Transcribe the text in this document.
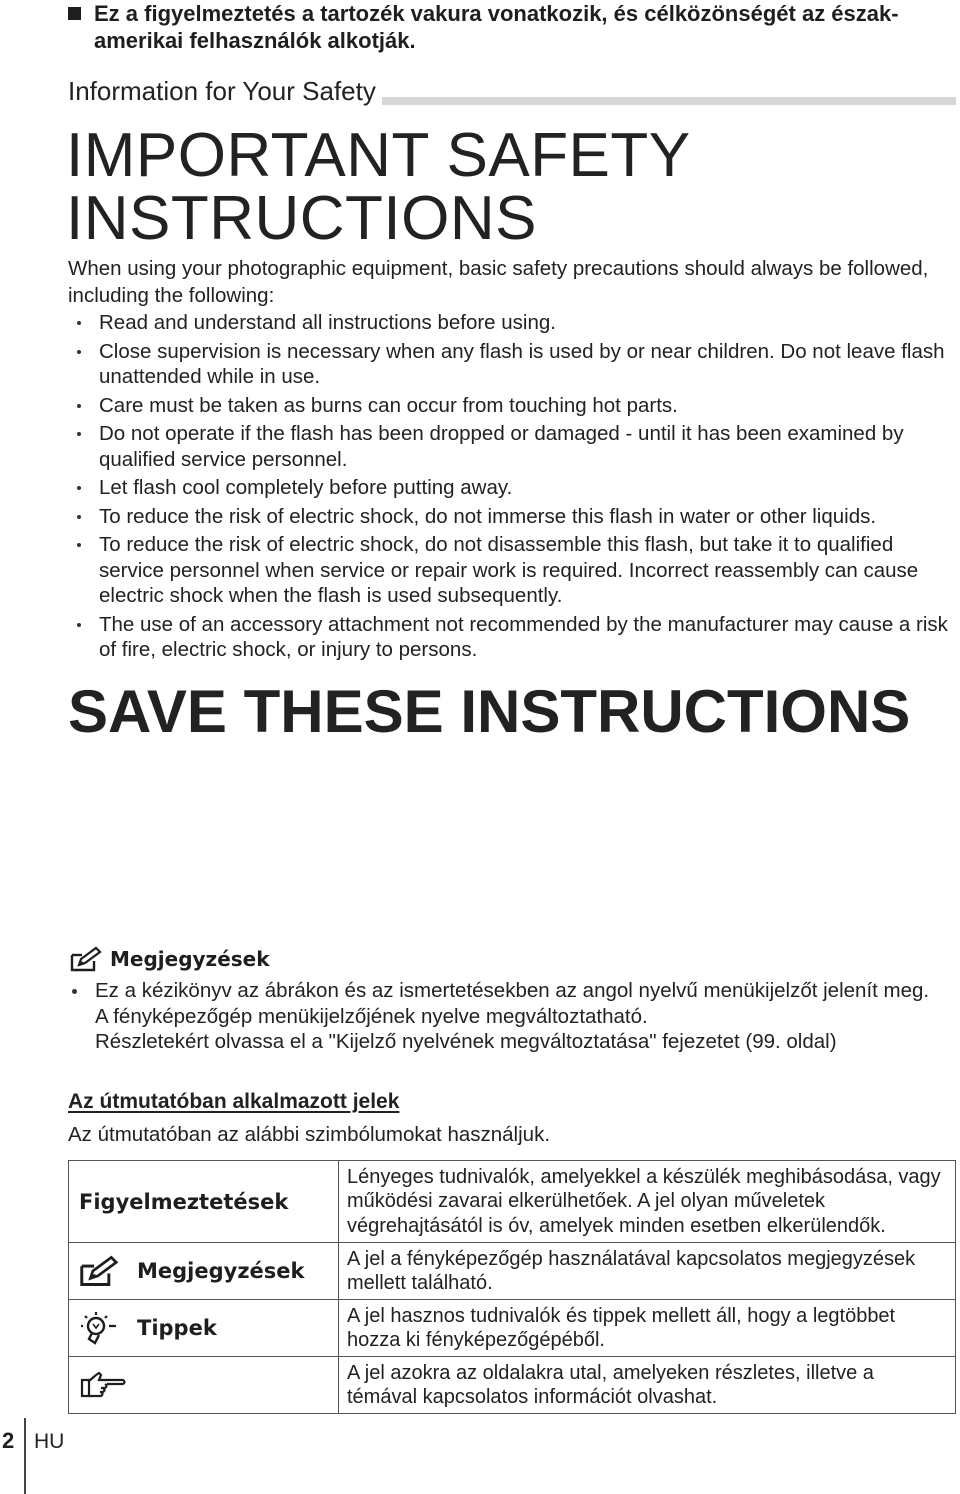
Ez a figyelmeztetés a tartozék vakura vonatkozik, és célközönségét az észak-amerikai felhasználók alkotják.
Information for Your Safety
IMPORTANT SAFETY
INSTRUCTIONS
When using your photographic equipment, basic safety precautions should always be followed, including the following:
Read and understand all instructions before using.
Close supervision is necessary when any flash is used by or near children. Do not leave flash unattended while in use.
Care must be taken as burns can occur from touching hot parts.
Do not operate if the flash has been dropped or damaged - until it has been examined by qualified service personnel.
Let flash cool completely before putting away.
To reduce the risk of electric shock, do not immerse this flash in water or other liquids.
To reduce the risk of electric shock, do not disassemble this flash, but take it to qualified service personnel when service or repair work is required. Incorrect reassembly can cause electric shock when the flash is used subsequently.
The use of an accessory attachment not recommended by the manufacturer may cause a risk of fire, electric shock, or injury to persons.
SAVE THESE INSTRUCTIONS
Megjegyzések
Ez a kézikönyv az ábrákon és az ismertetésekben az angol nyelvű menükijelzőt jelenít meg.
A fényképezőgép menükijelzőjének nyelve megváltoztatható.
Részletekért olvassa el a "Kijelző nyelvének megváltoztatása" fejezetet (99. oldal)
Az útmutatóban alkalmazott jelek
Az útmutatóban az alábbi szimbólumokat használjuk.
Figyelmeztetések	Lényeges tudnivalók, amelyekkel a készülék meghibásodása, vagy működési zavarai elkerülhetőek. A jel olyan műveletek végrehajtásától is óv, amelyek minden esetben elkerülendők.

Megjegyzések	A jel a fényképezőgép használatával kapcsolatos megjegyzések mellett található.

Tippek	A jel hasznos tudnivalók és tippek mellett áll, hogy a legtöbbet hozza ki fényképezőgépéből.

	A jel azokra az oldalakra utal, amelyeken részletes, illetve a témával kapcsolatos információt olvashat.
2 HU
